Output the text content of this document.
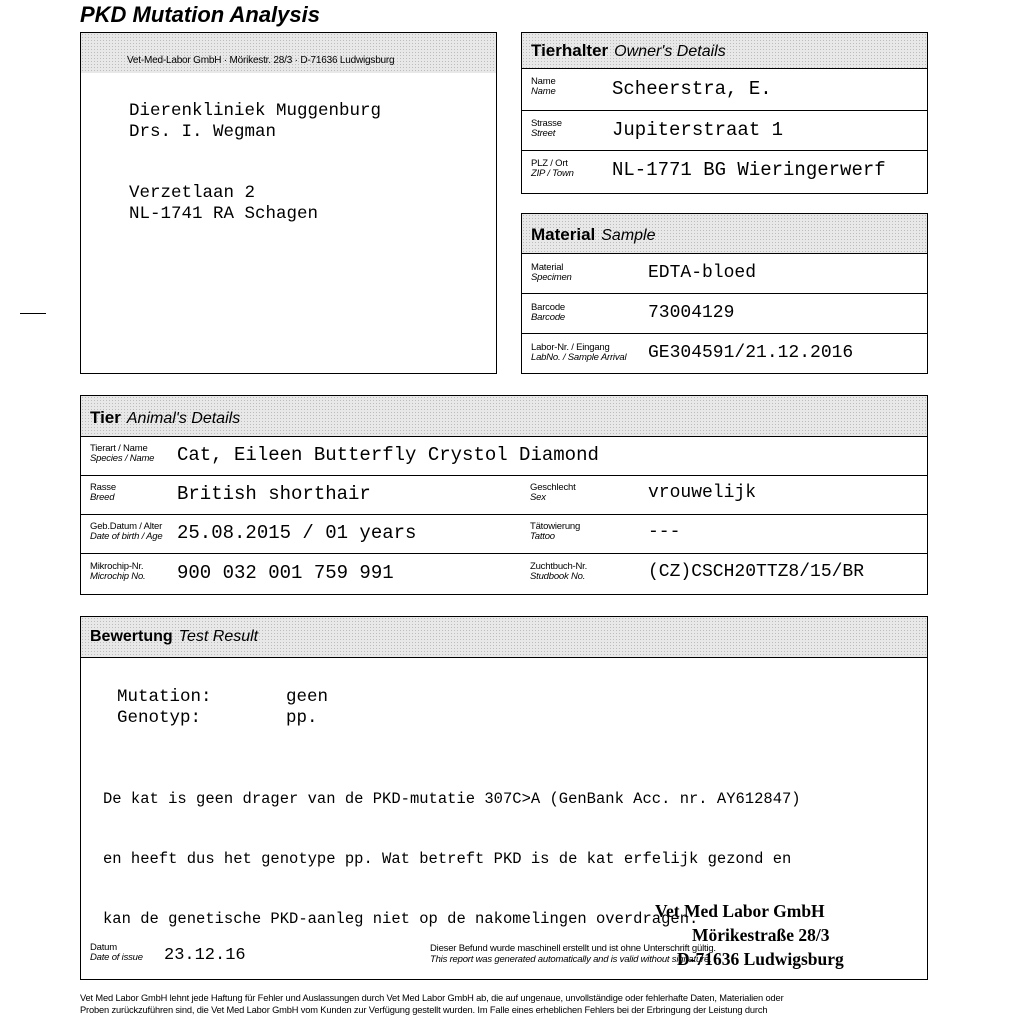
PKD Mutation Analysis
Vet-Med-Labor GmbH · Mörikestr. 28/3 · D-71636 Ludwigsburg
Dierenkliniek Muggenburg
Drs. I. Wegman
Verzetlaan 2
NL-1741 RA Schagen
Tierhalter Owner's Details
Name
Name	Scheerstra, E.
Strasse
Street	Jupiterstraat 1
PLZ / Ort
ZIP / Town NL-1771 BG Wieringerwerf
Material Sample
Material
Specimen	EDTA-bloed
Barcode
Barcode	73004129
Labor-Nr. / Eingang
LabNo. / Sample Arrival GE304591/21.12.2016
Tier Animal's Details
Tierart / Name
Species / Name Cat, Eileen Butterfly Crystol Diamond
Rasse
Breed	British shorthair	Geschlecht
Sex	vrouwelijk
Geb.Datum / Alter
Date of birth / Age 25.08.2015 / 01 years	Tätowierung
Tattoo	---
Mikrochip-Nr.
Microchip No. 900 032 001 759 991	Zuchtbuch-Nr.
Studbook No.	(CZ)CSCH20TTZ8/15/BR
Bewertung Test Result
Mutation:	geen
Genotyp:	pp.

De kat is geen drager van de PKD-mutatie 307C>A (GenBank Acc. nr. AY612847)

en heeft dus het genotype pp. Wat betreft PKD is de kat erfelijk gezond en

kan de genetische PKD-aanleg niet op de nakomelingen overdragen.

Vet Med Labor GmbH
Mörikestraße 28/3
D-71636 Ludwigsburg
Datum
Date of issue 23.12.16	Dieser Befund wurde maschinell erstellt und ist ohne Unterschrift gültig.
This report was generated automatically and is valid without signature.
Vet Med Labor GmbH lehnt jede Haftung für Fehler und Auslassungen durch Vet Med Labor GmbH ab, die auf ungenaue, unvollständige oder fehlerhafte Daten, Materialien oder
Proben zurückzuführen sind, die Vet Med Labor GmbH vom Kunden zur Verfügung gestellt wurden. Im Falle eines erheblichen Fehlers bei der Erbringung der Leistung durch
